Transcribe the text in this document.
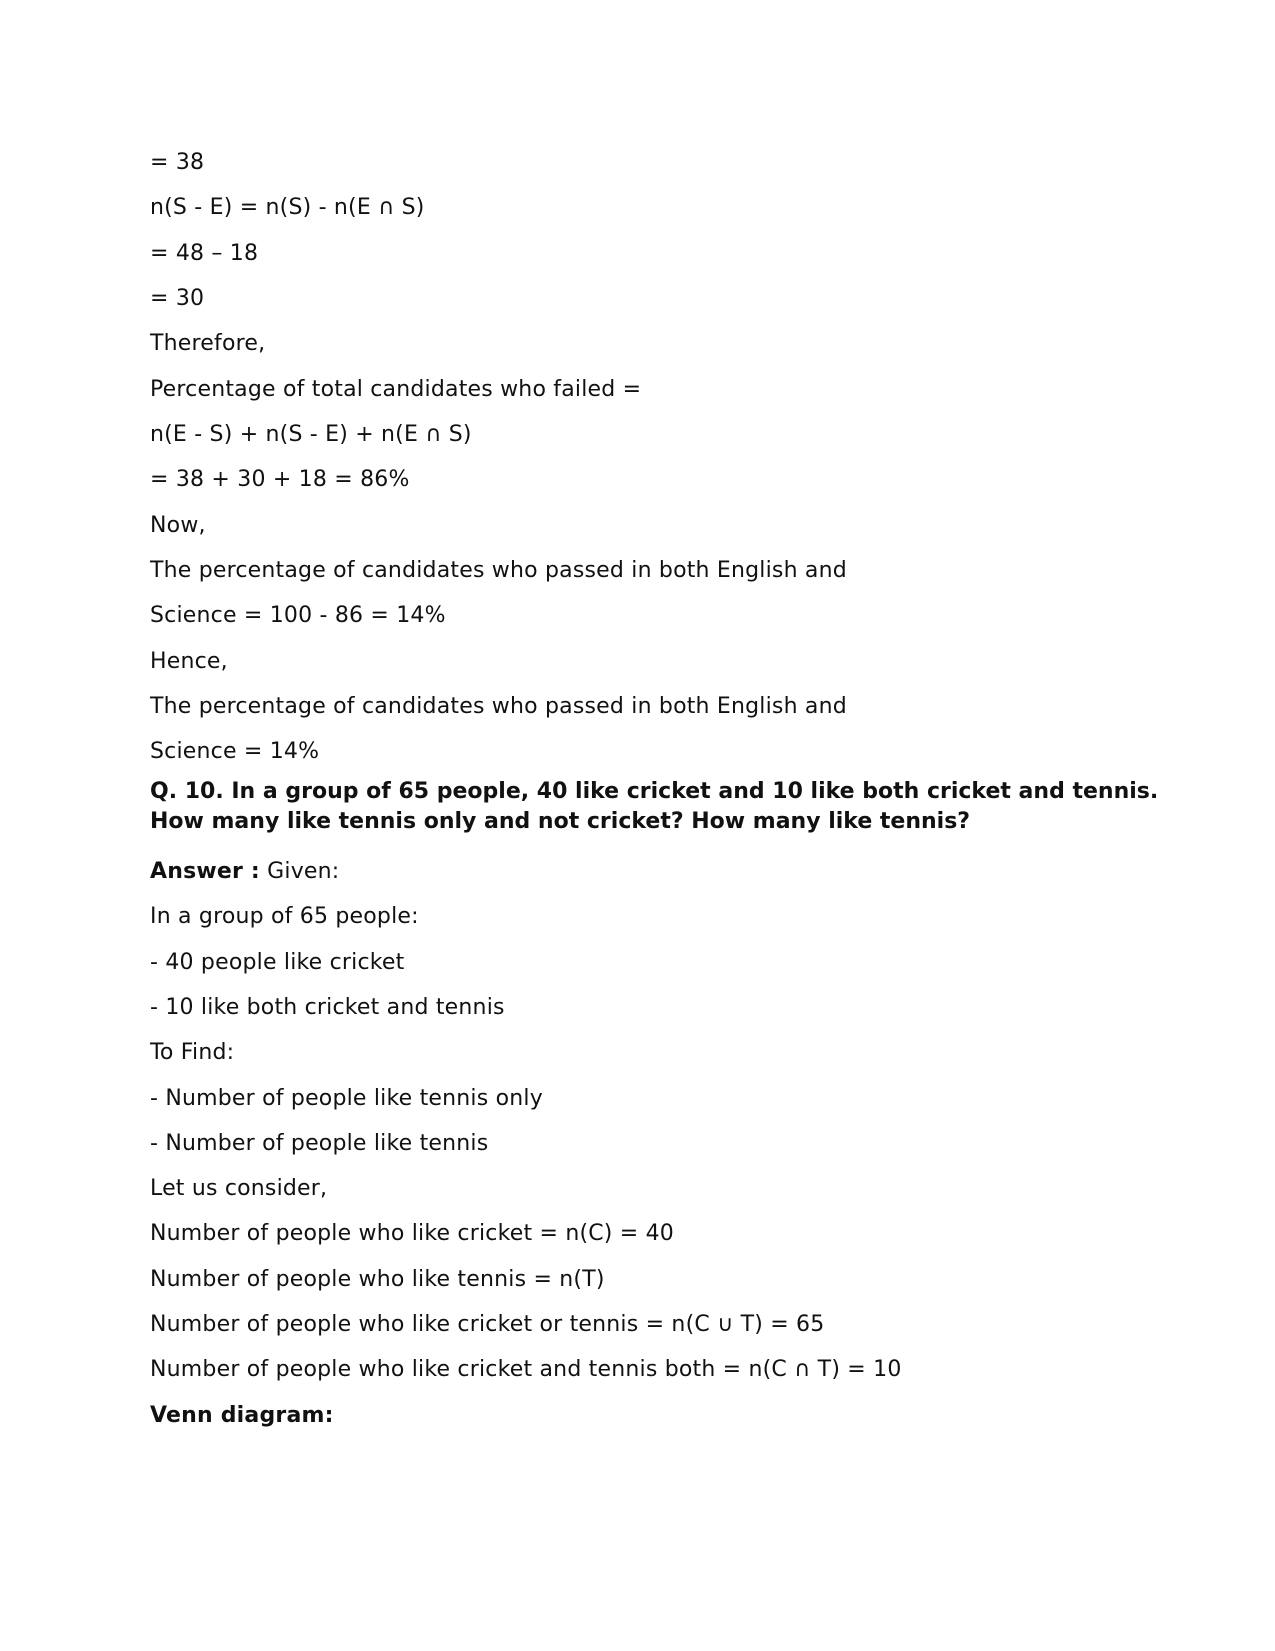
= 38
n(S - E) = n(S) - n(E ∩ S)
= 48 – 18
= 30
Therefore,
Percentage of total candidates who failed =
n(E - S) + n(S - E) + n(E ∩ S)
= 38 + 30 + 18 = 86%
Now,
The percentage of candidates who passed in both English and
Science = 100 - 86 = 14%
Hence,
The percentage of candidates who passed in both English and
Science = 14%
Q. 10. In a group of 65 people, 40 like cricket and 10 like both cricket and tennis.
How many like tennis only and not cricket? How many like tennis?
Answer : Given:
In a group of 65 people:
- 40 people like cricket
- 10 like both cricket and tennis
To Find:
- Number of people like tennis only
- Number of people like tennis
Let us consider,
Number of people who like cricket = n(C) = 40
Number of people who like tennis = n(T)
Number of people who like cricket or tennis = n(C ∪ T) = 65
Number of people who like cricket and tennis both = n(C ∩ T) = 10
Venn diagram:
